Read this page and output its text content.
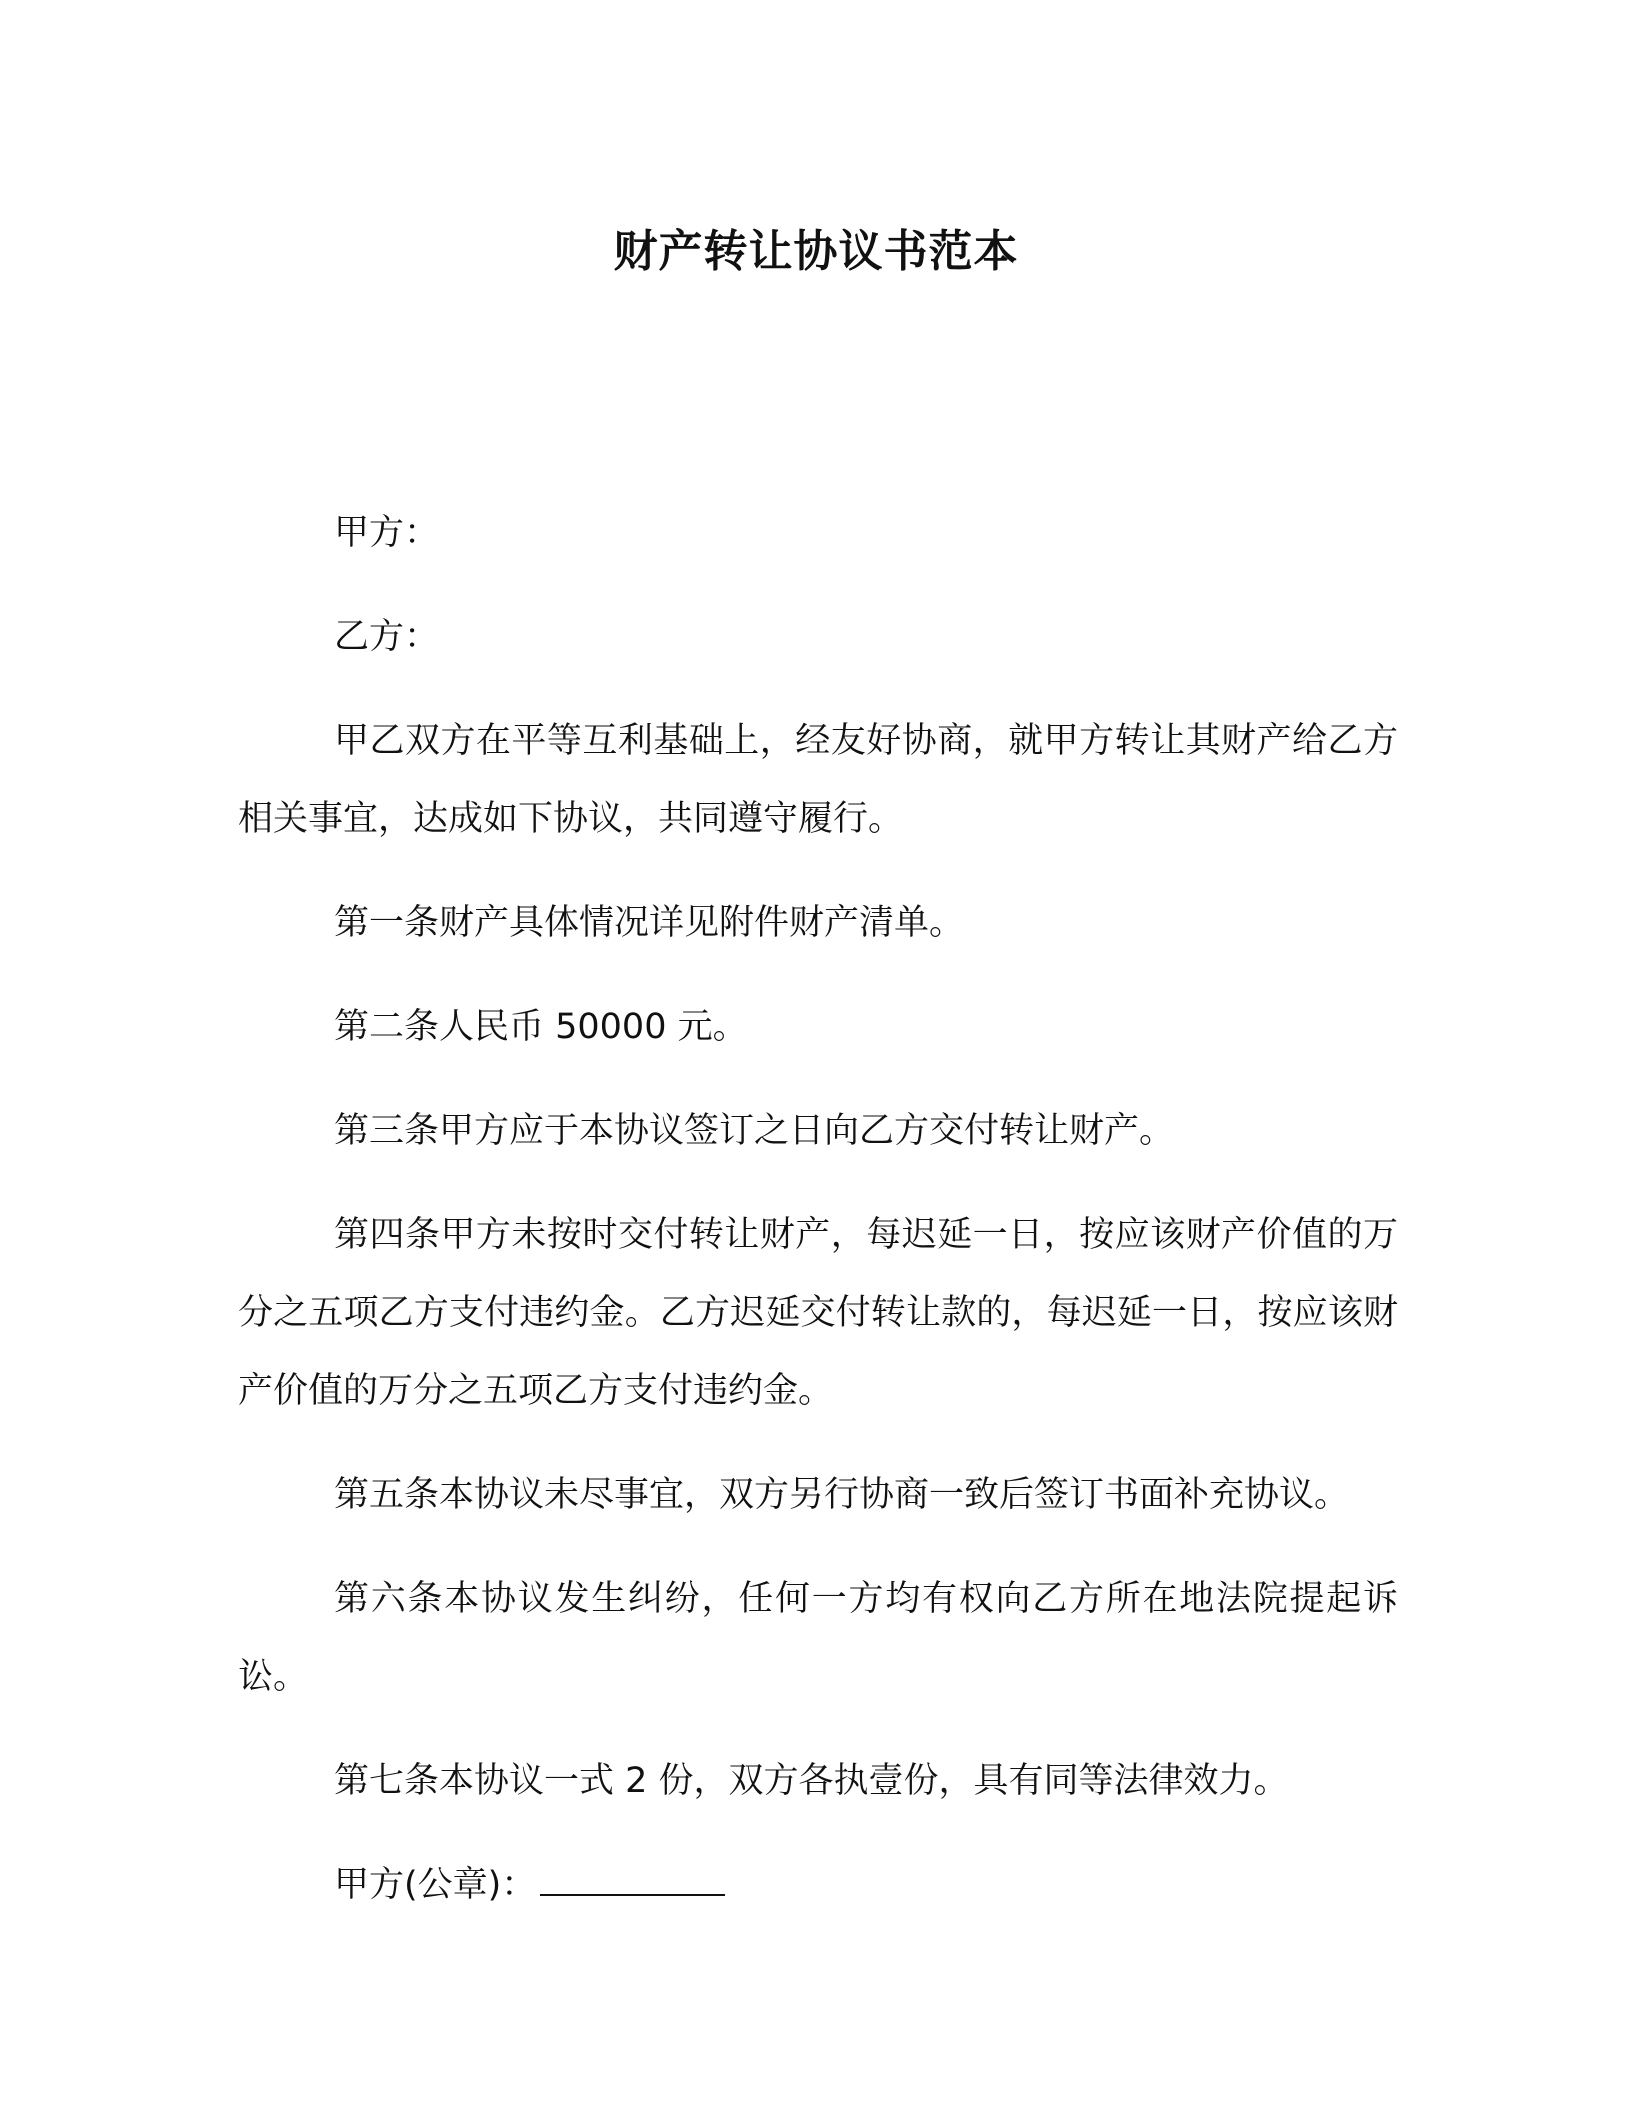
财产转让协议书范本

甲方：

乙方：

甲乙双方在平等互利基础上，经友好协商，就甲方转让其财产给乙方相关事宜，达成如下协议，共同遵守履行。

第一条财产具体情况详见附件财产清单。

第二条人民币 50000 元。

第三条甲方应于本协议签订之日向乙方交付转让财产。

第四条甲方未按时交付转让财产，每迟延一日，按应该财产价值的万分之五项乙方支付违约金。乙方迟延交付转让款的，每迟延一日，按应该财产价值的万分之五项乙方支付违约金。

第五条本协议未尽事宜，双方另行协商一致后签订书面补充协议。

第六条本协议发生纠纷，任何一方均有权向乙方所在地法院提起诉讼。

第七条本协议一式 2 份，双方各执壹份，具有同等法律效力。

甲方(公章)：
